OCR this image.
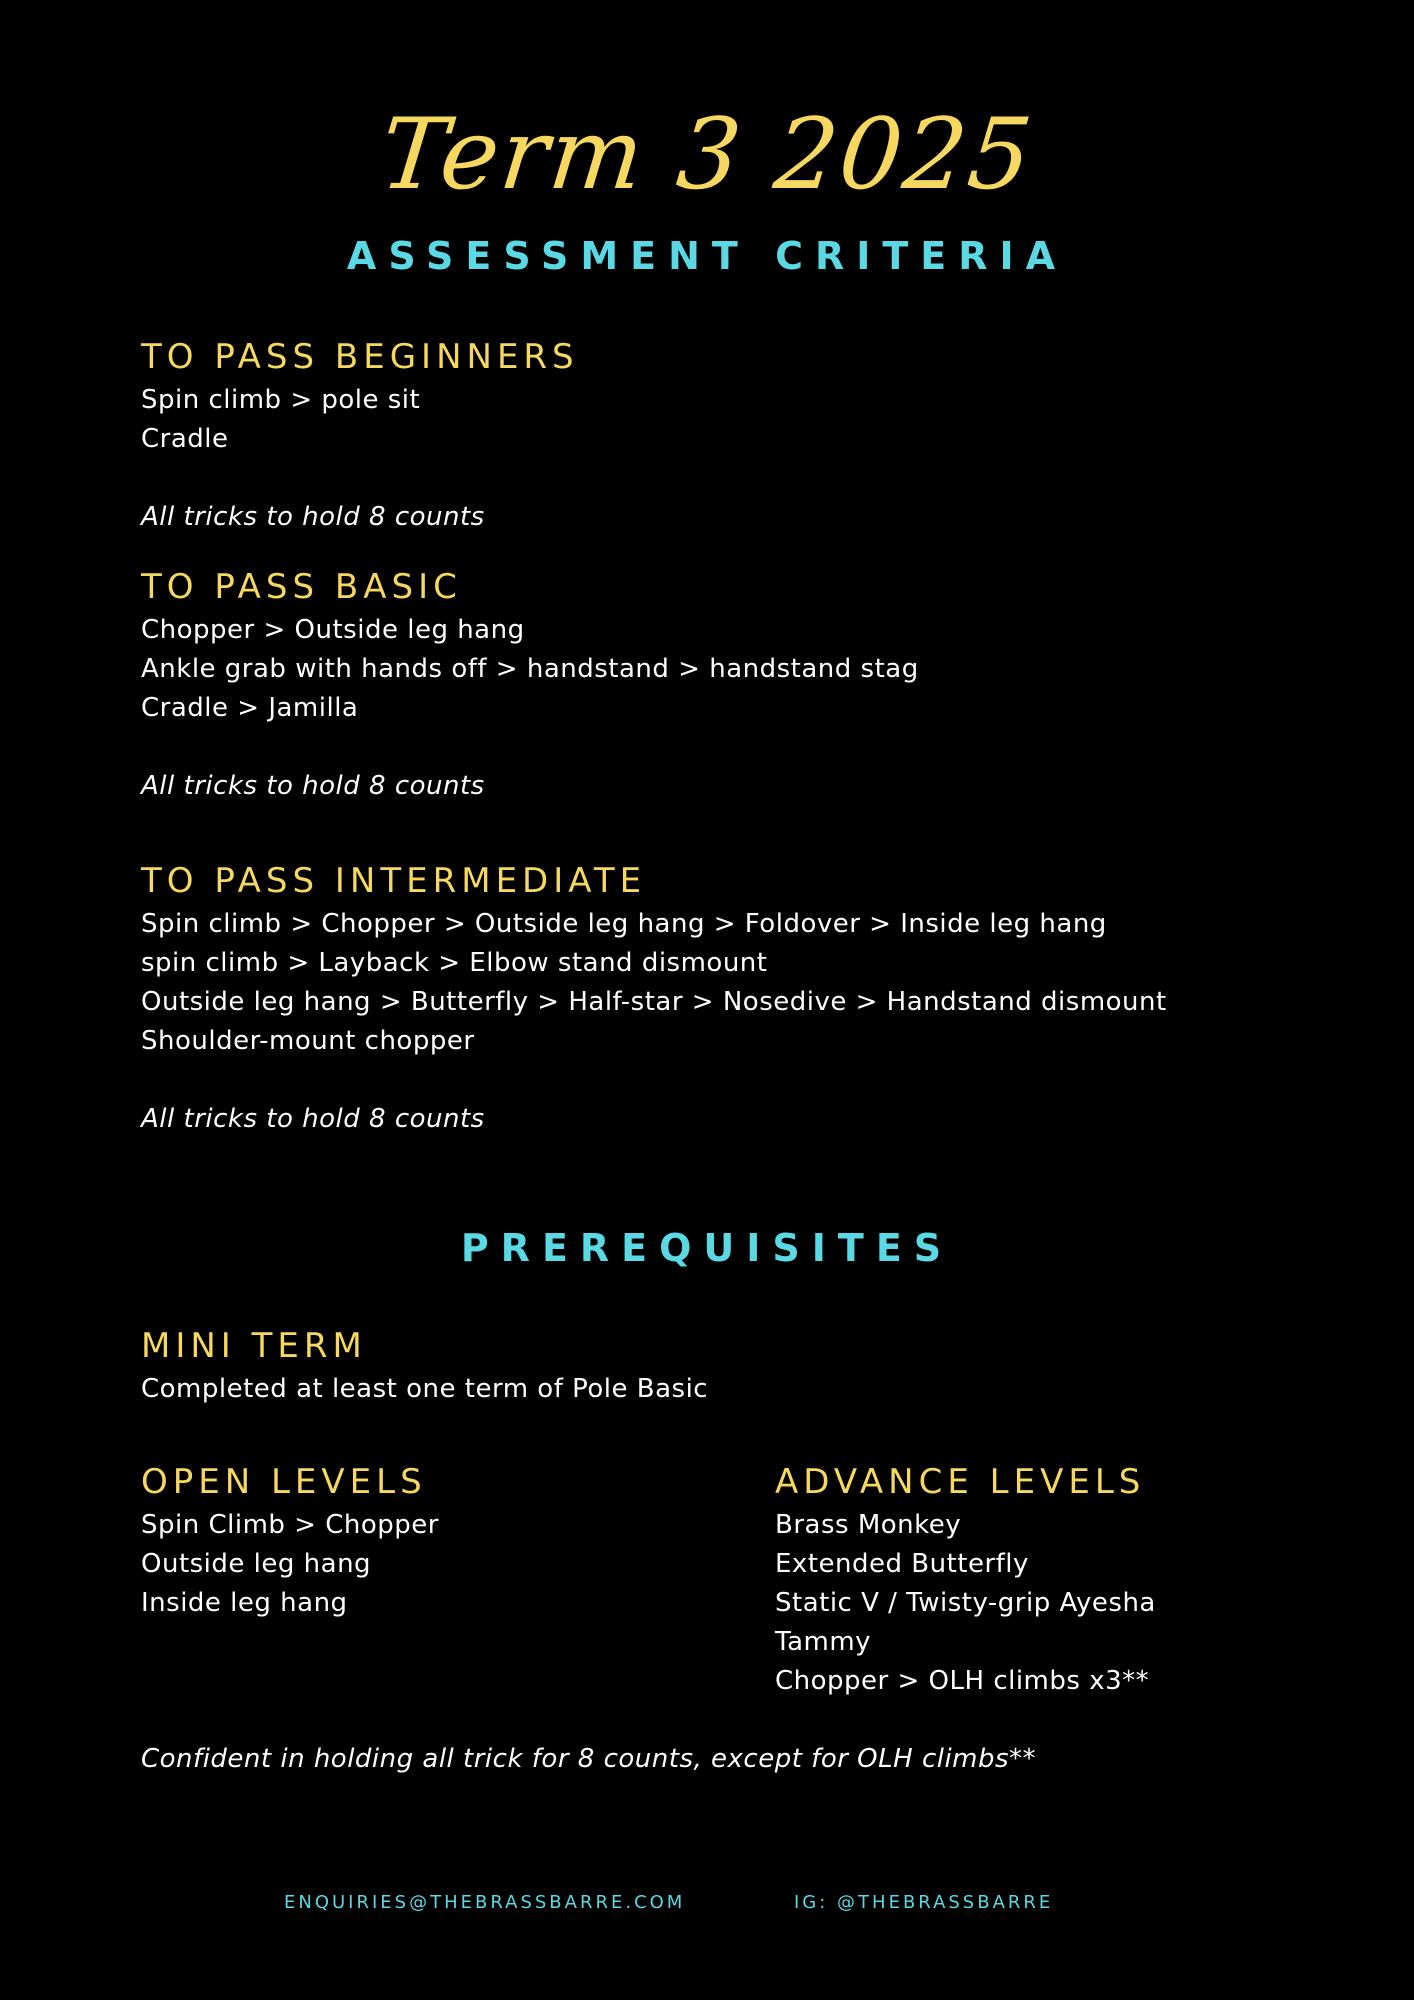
Term 3 2025
ASSESSMENT CRITERIA
TO PASS BEGINNERS
Spin climb > pole sit
Cradle
All tricks to hold 8 counts
TO PASS BASIC
Chopper > Outside leg hang
Ankle grab with hands off > handstand > handstand stag
Cradle > Jamilla
All tricks to hold 8 counts
TO PASS INTERMEDIATE
Spin climb > Chopper > Outside leg hang > Foldover > Inside leg hang
spin climb > Layback > Elbow stand dismount
Outside leg hang > Butterfly > Half-star > Nosedive > Handstand dismount
Shoulder-mount chopper
All tricks to hold 8 counts
PREREQUISITES
MINI TERM
Completed at least one term of Pole Basic
OPEN LEVELS
Spin Climb > Chopper
Outside leg hang
Inside leg hang
ADVANCE LEVELS
Brass Monkey
Extended Butterfly
Static V / Twisty-grip Ayesha
Tammy
Chopper > OLH climbs x3**
Confident in holding all trick for 8 counts, except for OLH climbs**
ENQUIRIES@THEBRASSBARRE.COM	IG: @THEBRASSBARRE
